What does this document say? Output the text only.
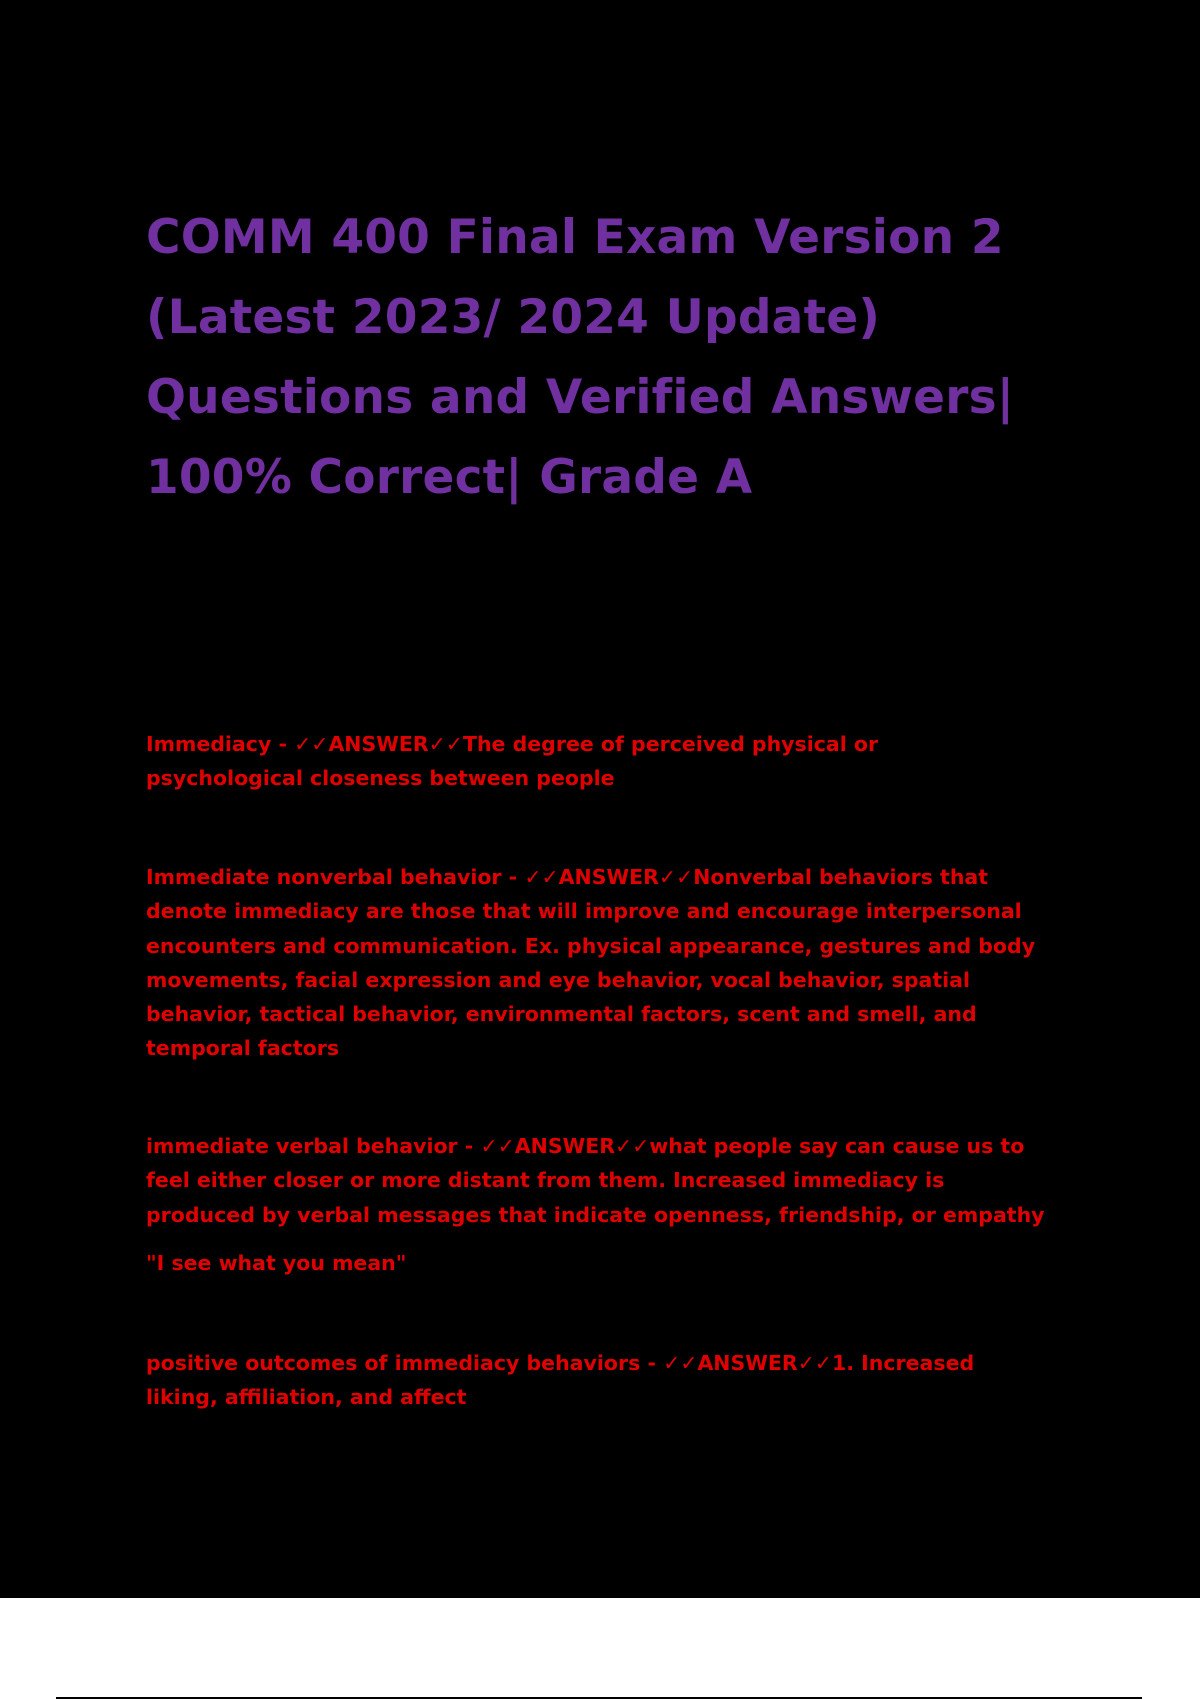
COMM 400 Final Exam Version 2
(Latest 2023/ 2024 Update)
Questions and Verified Answers|
100% Correct| Grade A

Immediacy - ✓✓ANSWER✓✓The degree of perceived physical or
psychological closeness between people

Immediate nonverbal behavior - ✓✓ANSWER✓✓Nonverbal behaviors that
denote immediacy are those that will improve and encourage interpersonal
encounters and communication. Ex. physical appearance, gestures and body
movements, facial expression and eye behavior, vocal behavior, spatial
behavior, tactical behavior, environmental factors, scent and smell, and
temporal factors

immediate verbal behavior - ✓✓ANSWER✓✓what people say can cause us to
feel either closer or more distant from them. Increased immediacy is
produced by verbal messages that indicate openness, friendship, or empathy

"I see what you mean"

positive outcomes of immediacy behaviors - ✓✓ANSWER✓✓1. Increased
liking, affiliation, and affect
